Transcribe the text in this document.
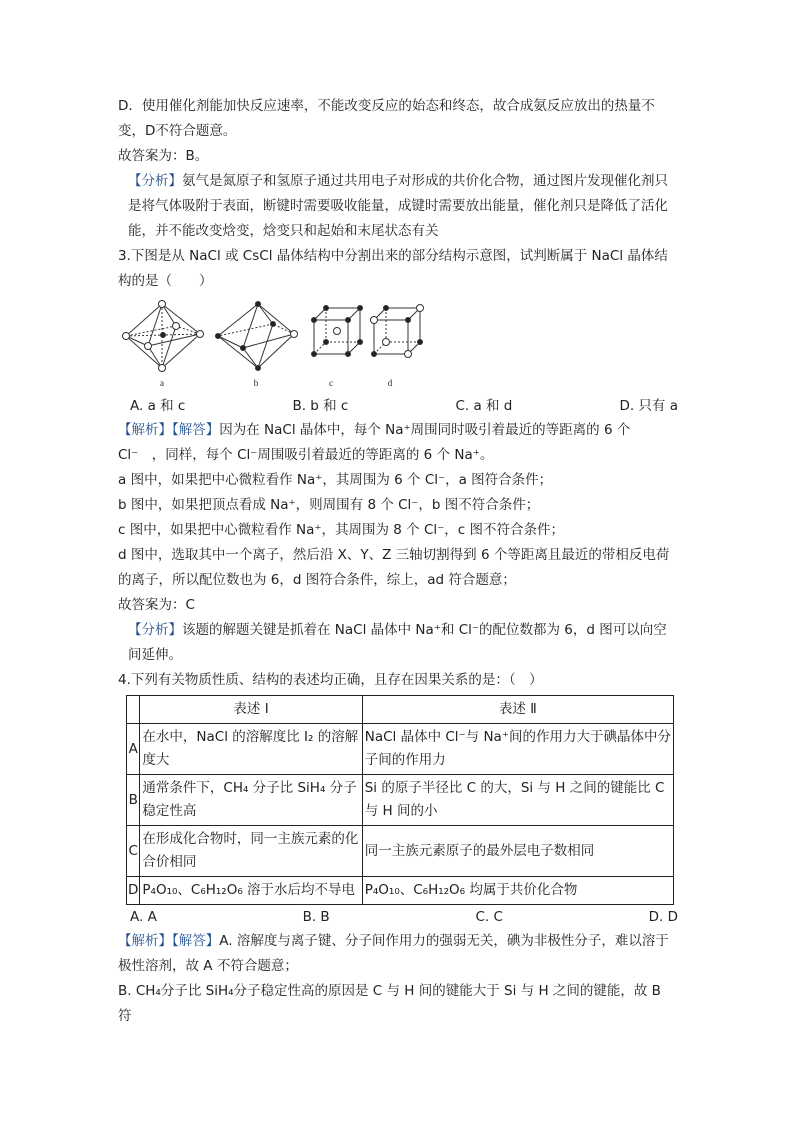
D．使用催化剂能加快反应速率，不能改变反应的始态和终态，故合成氨反应放出的热量不变，D不符合题意。

故答案为：B。

【分析】氨气是氮原子和氢原子通过共用电子对形成的共价化合物，通过图片发现催化剂只是将气体吸附于表面，断键时需要吸收能量，成键时需要放出能量，催化剂只是降低了活化能，并不能改变焓变，焓变只和起始和末尾状态有关

3.下图是从 NaCl 或 CsCl 晶体结构中分割出来的部分结构示意图，试判断属于 NaCl 晶体结构的是（　　）

a	b	c	d
A. a 和 c	B. b 和 c	C. a 和 d	D. 只有 a

【解析】【解答】因为在 NaCl 晶体中，每个 Na⁺周围同时吸引着最近的等距离的 6 个 Cl⁻　，同样，每个 Cl⁻周围吸引着最近的等距离的 6 个 Na⁺。

a 图中，如果把中心微粒看作 Na⁺，其周围为 6 个 Cl⁻，a 图符合条件；

b 图中，如果把顶点看成 Na⁺，则周围有 8 个 Cl⁻，b 图不符合条件；

c 图中，如果把中心微粒看作 Na⁺，其周围为 8 个 Cl⁻，c 图不符合条件；

d 图中，选取其中一个离子，然后沿 X、Y、Z 三轴切割得到 6 个等距离且最近的带相反电荷的离子，所以配位数也为 6，d 图符合条件，综上，ad 符合题意；

故答案为：C

【分析】该题的解题关键是抓着在 NaCl 晶体中 Na⁺和 Cl⁻的配位数都为 6，d 图可以向空间延伸。

4.下列有关物质性质、结构的表述均正确，且存在因果关系的是：（　）

	表述 I	表述 Ⅱ
A	在水中，NaCl 的溶解度比 I₂ 的溶解度大	NaCl 晶体中 Cl⁻与 Na⁺间的作用力大于碘晶体中分子间的作用力
B	通常条件下，CH₄ 分子比 SiH₄ 分子稳定性高	Si 的原子半径比 C 的大，Si 与 H 之间的键能比 C 与 H 间的小
C	在形成化合物时，同一主族元素的化合价相同	同一主族元素原子的最外层电子数相同
D	P₄O₁₀、C₆H₁₂O₆ 溶于水后均不导电	P₄O₁₀、C₆H₁₂O₆ 均属于共价化合物
A. A	B. B	C. C	D. D

【解析】【解答】A. 溶解度与离子键、分子间作用力的强弱无关，碘为非极性分子，难以溶于极性溶剂，故 A 不符合题意；

B. CH₄分子比 SiH₄分子稳定性高的原因是 C 与 H 间的键能大于 Si 与 H 之间的键能，故 B 符
